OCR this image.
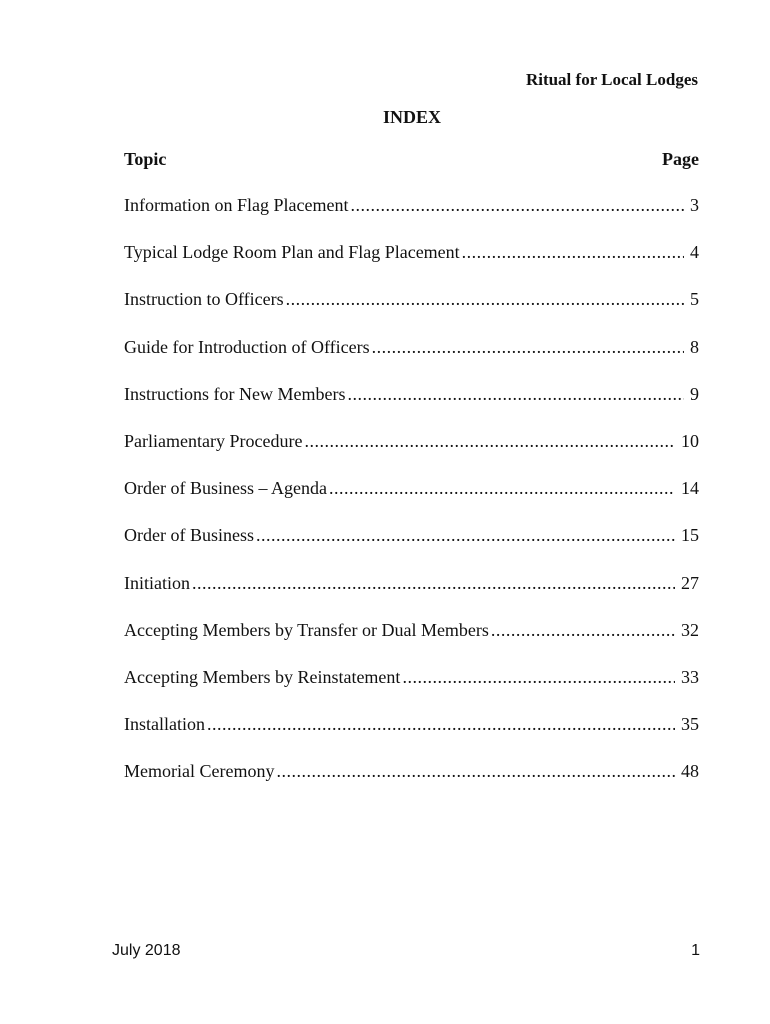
Ritual for Local Lodges
INDEX
Topic	Page
Information on Flag Placement .....	3
Typical Lodge Room Plan and Flag Placement .....	4
Instruction to Officers .....	5
Guide for Introduction of Officers .....	8
Instructions for New Members .....	9
Parliamentary Procedure .....	10
Order of Business – Agenda .....	14
Order of Business .....	15
Initiation .....	27
Accepting Members by Transfer or Dual Members .....	32
Accepting Members by Reinstatement .....	33
Installation .....	35
Memorial Ceremony .....	48
July 2018	1
